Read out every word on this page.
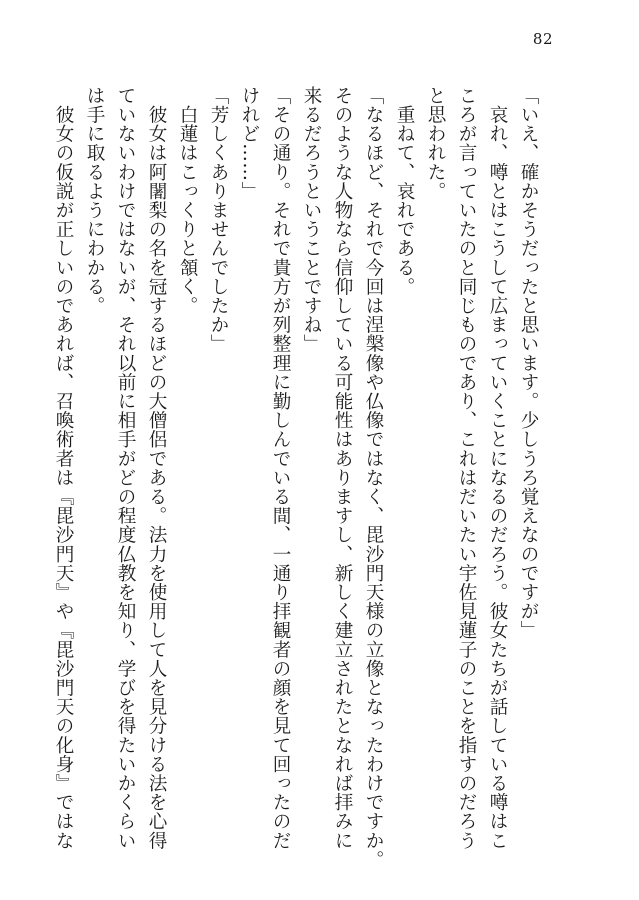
82
「いえ、確かそうだったと思います。少しうろ覚えなのですが」
　哀れ、噂とはこうして広まっていくことになるのだろう。彼女たちが話している噂はこ
ころが言っていたのと同じものであり、これはだいたい宇佐見蓮子のことを指すのだろう
と思われた。
　重ねて、哀れである。
「なるほど、それで今回は涅槃像や仏像ではなく、毘沙門天様の立像となったわけですか。
そのような人物なら信仰している可能性はありますし、新しく建立されたとなれば拝みに
来るだろうということですね」
「その通り。それで貴方が列整理に勤しんでいる間、一通り拝観者の顔を見て回ったのだ
けれど……」
「芳しくありませんでしたか」
　白蓮はこっくりと頷く。
　彼女は阿闍梨の名を冠するほどの大僧侶である。法力を使用して人を見分ける法を心得
ていないわけではないが、それ以前に相手がどの程度仏教を知り、学びを得たいかくらい
は手に取るようにわかる。
　彼女の仮説が正しいのであれば、召喚術者は『毘沙門天』や『毘沙門天の化身』ではな
